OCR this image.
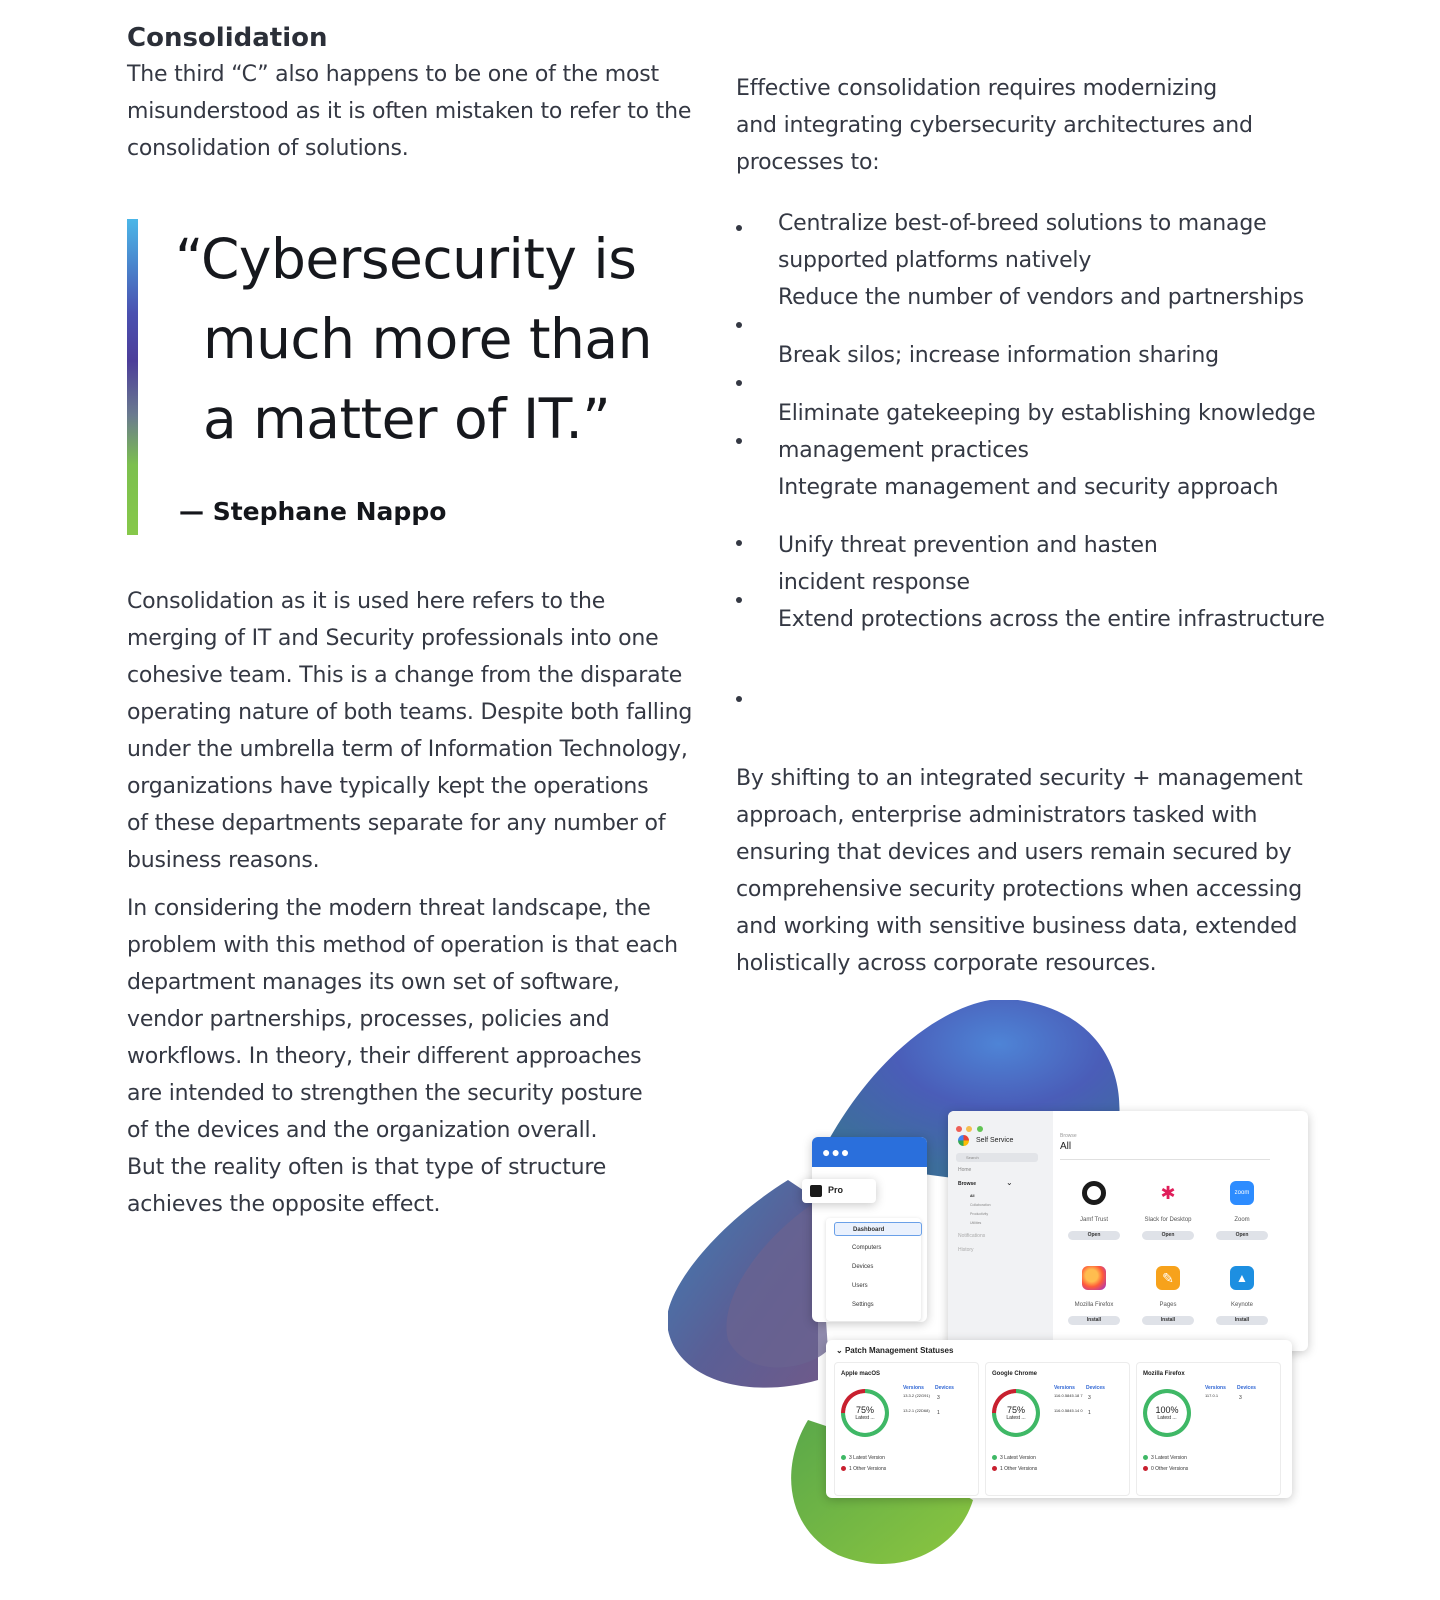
Consolidation
The third “C” also happens to be one of the most
misunderstood as it is often mistaken to refer to the
consolidation of solutions.
“Cybersecurity is
much more than
a matter of IT.”
— Stephane Nappo
Consolidation as it is used here refers to the
merging of IT and Security professionals into one
cohesive team. This is a change from the disparate
operating nature of both teams. Despite both falling
under the umbrella term of Information Technology,
organizations have typically kept the operations
of these departments separate for any number of
business reasons.
In considering the modern threat landscape, the
problem with this method of operation is that each
department manages its own set of software,
vendor partnerships, processes, policies and
workflows. In theory, their different approaches
are intended to strengthen the security posture
of the devices and the organization overall.
But the reality often is that type of structure
achieves the opposite effect.
Effective consolidation requires modernizing
and integrating cybersecurity architectures and
processes to:
Centralize best-of-breed solutions to manage
supported platforms natively
Reduce the number of vendors and partnerships
Break silos; increase information sharing
Eliminate gatekeeping by establishing knowledge
management practices
Integrate management and security approach
Unify threat prevention and hasten
incident response
Extend protections across the entire infrastructure
By shifting to an integrated security + management
approach, enterprise administrators tasked with
ensuring that devices and users remain secured by
comprehensive security protections when accessing
and working with sensitive business data, extended
holistically across corporate resources.
●●●
Dashboard
Computers
Devices
Users
Settings
Pro

Self Service
Search
Home
Browse	⌄
All
Collaboration
Productivity
Utilities
Notifications
History
Browse
All
Jamf Trust
Open
✱
Slack for Desktop
Open
zoom
Zoom
Open
Mozilla Firefox
Install
✎
Pages
Install
▲
Keynote
Install
⌄ Patch Management Statuses
Apple macOS
75%
Latest ...
Versions Devices
13.3.2 (22G91)
13.2.1 (22D68)
3
1
3 Latest Version
1 Other Versions
Google Chrome
75%
Latest ...
Versions Devices
116.0.5845.18 7
116.0.5845.14 0
3
1
3 Latest Version
1 Other Versions
Mozilla Firefox
100%
Latest ...
Versions Devices
117.0.1	3
3 Latest Version
0 Other Versions
